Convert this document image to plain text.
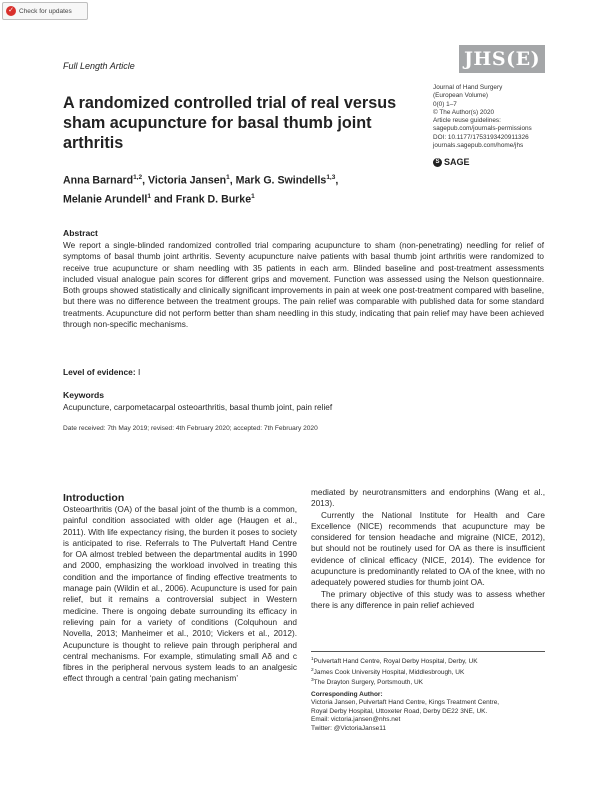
✓ Check for updates
Full Length Article	JHS(E)
Journal of Hand Surgery
(European Volume)
0(0) 1–7
© The Author(s) 2020
Article reuse guidelines:
sagepub.com/journals-permissions
DOI: 10.1177/1753193420911326
journals.sagepub.com/home/jhs
S SAGE
A randomized controlled trial of real versus sham acupuncture for basal thumb joint arthritis
Anna Barnard$^{1,2}$, Victoria Jansen$^1$, Mark G. Swindells$^{1,3}$,
Melanie Arundell$^1$ and Frank D. Burke$^1$
Abstract
We report a single-blinded randomized controlled trial comparing acupuncture to sham (non-penetrating) needling for relief of symptoms of basal thumb joint arthritis. Seventy acupuncture naive patients with basal thumb joint arthritis were randomized to receive true acupuncture or sham needling with 35 patients in each arm. Blinded baseline and post-treatment assessments included visual analogue pain scores for different grips and movement. Function was assessed using the Nelson questionnaire. Both groups showed statistically and clinically significant improvements in pain at week one post-treatment compared with baseline, but there was no difference between the treatment groups. The pain relief was comparable with published data for some standard treatments. Acupuncture did not perform better than sham needling in this study, indicating that pain relief may have been achieved through non-specific mechanisms.
Level of evidence: I
Keywords
Acupuncture, carpometacarpal osteoarthritis, basal thumb joint, pain relief
Date received: 7th May 2019; revised: 4th February 2020; accepted: 7th February 2020
Introduction

Osteoarthritis (OA) of the basal joint of the thumb is a common, painful condition associated with older age (Haugen et al., 2011). With life expectancy rising, the burden it poses to society is anticipated to rise. Referrals to The Pulvertaft Hand Centre for OA almost trebled between the departmental audits in 1990 and 2000, emphasizing the workload involved in treating this condition and the importance of finding effective treatments to manage pain (Wildin et al., 2006). Acupuncture is used for pain relief, but it remains a controversial subject in Western medicine. There is ongoing debate surrounding its efficacy in relieving pain for a variety of conditions (Colquhoun and Novella, 2013; Manheimer et al., 2010; Vickers et al., 2012). Acupuncture is thought to relieve pain through peripheral and central mechanisms. For example, stimulating small Aδ and c fibres in the peripheral nervous system leads to an analgesic effect through a central ‘pain gating mechanism’

mediated by neurotransmitters and endorphins (Wang et al., 2013).

Currently the National Institute for Health and Care Excellence (NICE) recommends that acupuncture may be considered for tension headache and migraine (NICE, 2012), but should not be routinely used for OA as there is insufficient evidence of clinical efficacy (NICE, 2014). The evidence for acupuncture is predominantly related to OA of the knee, with no adequately powered studies for thumb joint OA.

The primary objective of this study was to assess whether there is any difference in pain relief achieved

$^1$Pulvertaft Hand Centre, Royal Derby Hospital, Derby, UK
$^2$James Cook University Hospital, Middlesbrough, UK
$^3$The Drayton Surgery, Portsmouth, UK
Corresponding Author:
Victoria Jansen, Pulvertaft Hand Centre, Kings Treatment Centre,
Royal Derby Hospital, Uttoxeter Road, Derby DE22 3NE, UK.
Email: victoria.jansen@nhs.net
Twitter: @VictoriaJanse11
